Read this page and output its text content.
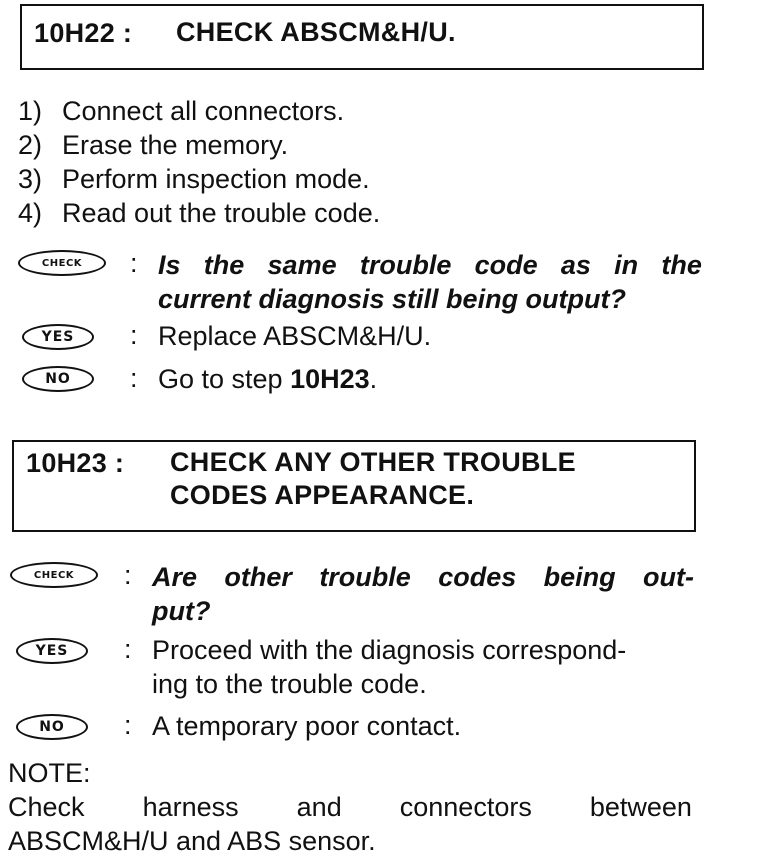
10H22 : CHECK ABSCM&H/U.
1) Connect all connectors.
2) Erase the memory.
3) Perform inspection mode.
4) Read out the trouble code.
CHECK	: Is the same trouble code as in the
current diagnosis still being output?
YES	: Replace ABSCM&H/U.
NO	: Go to step 10H23.
10H23 : CHECK ANY OTHER TROUBLE
CODES APPEARANCE.
CHECK	: Are other trouble codes being out-
put?
YES	: Proceed with the diagnosis correspond-
ing to the trouble code.
NO	: A temporary poor contact.
NOTE:
Check harness and connectors between
ABSCM&H/U and ABS sensor.
